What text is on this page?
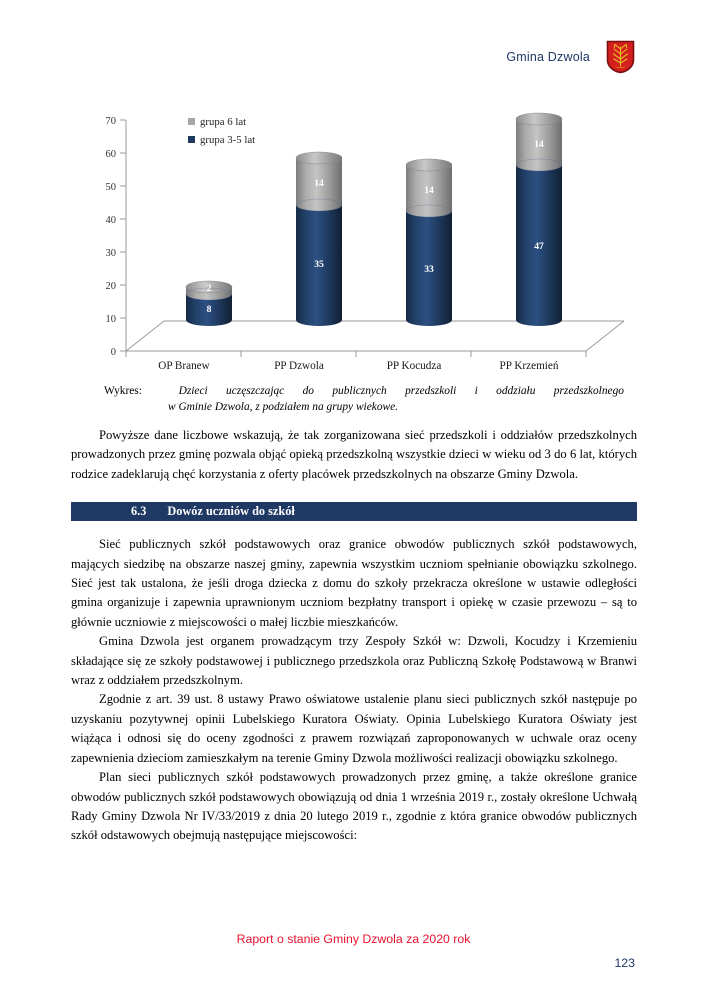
Gmina Dzwola
70
60
50
40
30
20
10
0
grupa 6 lat
grupa 3-5 lat
2
8
14
35
14
33
14
47
OP Branew	PP Dzwola	PP Kocudza	PP Krzemień
Wykres:	Dzieci uczęszczając do publicznych przedszkoli i oddziału przedszkolnego
w Gminie Dzwola, z podziałem na grupy wiekowe.

Powyższe dane liczbowe wskazują, że tak zorganizowana sieć przedszkoli i oddziałów przedszkolnych prowadzonych przez gminę pozwala objąć opieką przedszkolną wszystkie dzieci w wieku od 3 do 6 lat, których rodzice zadeklarują chęć korzystania z oferty placówek przedszkolnych na obszarze Gminy Dzwola.

6.3 Dowóz uczniów do szkół

Sieć publicznych szkół podstawowych oraz granice obwodów publicznych szkół podstawowych, mających siedzibę na obszarze naszej gminy, zapewnia wszystkim uczniom spełnianie obowiązku szkolnego. Sieć jest tak ustalona, że jeśli droga dziecka z domu do szkoły przekracza określone w ustawie odległości gmina organizuje i zapewnia uprawnionym uczniom bezpłatny transport i opiekę w czasie przewozu – są to głównie uczniowie z miejscowości o małej liczbie mieszkańców.

Gmina Dzwola jest organem prowadzącym trzy Zespoły Szkół w: Dzwoli, Kocudzy i Krzemieniu składające się ze szkoły podstawowej i publicznego przedszkola oraz Publiczną Szkołę Podstawową w Branwi wraz z oddziałem przedszkolnym.

Zgodnie z art. 39 ust. 8 ustawy Prawo oświatowe ustalenie planu sieci publicznych szkół następuje po uzyskaniu pozytywnej opinii Lubelskiego Kuratora Oświaty. Opinia Lubelskiego Kuratora Oświaty jest wiążąca i odnosi się do oceny zgodności z prawem rozwiązań zaproponowanych w uchwale oraz oceny zapewnienia dzieciom zamieszkałym na terenie Gminy Dzwola możliwości realizacji obowiązku szkolnego.

Plan sieci publicznych szkół podstawowych prowadzonych przez gminę, a także określone granice obwodów publicznych szkół podstawowych obowiązują od dnia 1 września 2019 r., zostały określone Uchwałą Rady Gminy Dzwola Nr IV/33/2019 z dnia 20 lutego 2019 r., zgodnie z która granice obwodów publicznych szkół odstawowych obejmują następujące miejscowości:

Raport o stanie Gminy Dzwola za 2020 rok
123
